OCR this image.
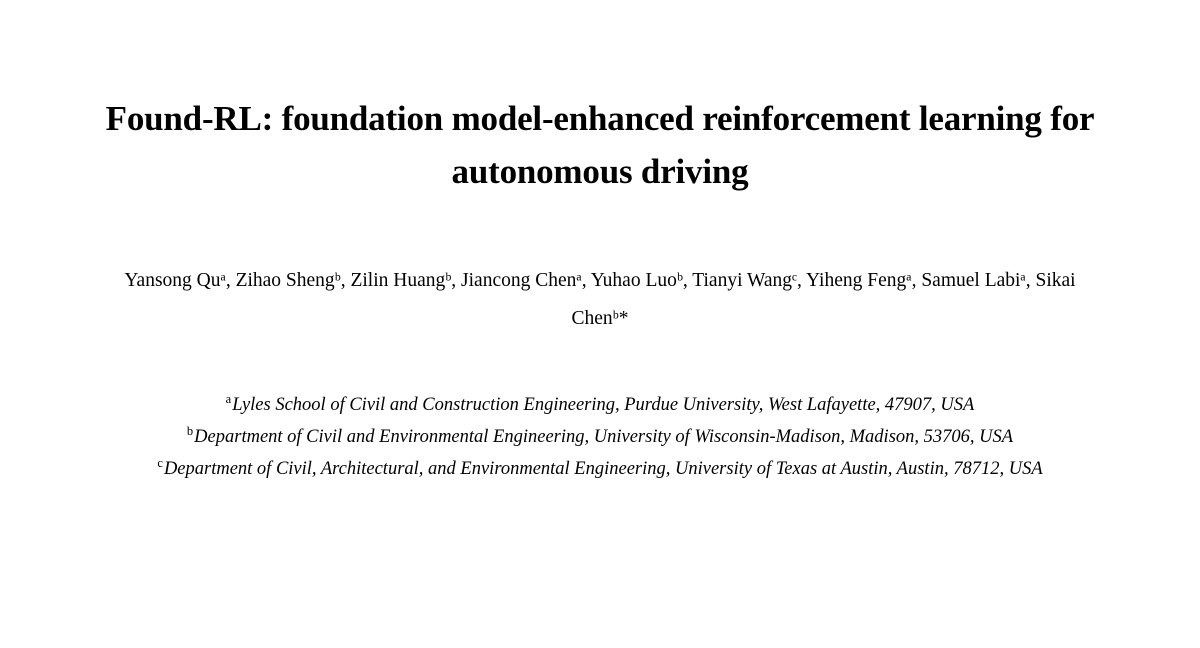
Found-RL: foundation model-enhanced reinforcement learning for autonomous driving

Yansong Quᵃ, Zihao Shengᵇ, Zilin Huangᵇ, Jiancong Chenᵃ, Yuhao Luoᵇ, Tianyi Wangᶜ, Yiheng Fengᵃ, Samuel Labiᵃ, Sikai Chenᵇ*

$^a$Lyles School of Civil and Construction Engineering, Purdue University, West Lafayette, 47907, USA

$^b$Department of Civil and Environmental Engineering, University of Wisconsin-Madison, Madison, 53706, USA

$^c$Department of Civil, Architectural, and Environmental Engineering, University of Texas at Austin, Austin, 78712, USA
